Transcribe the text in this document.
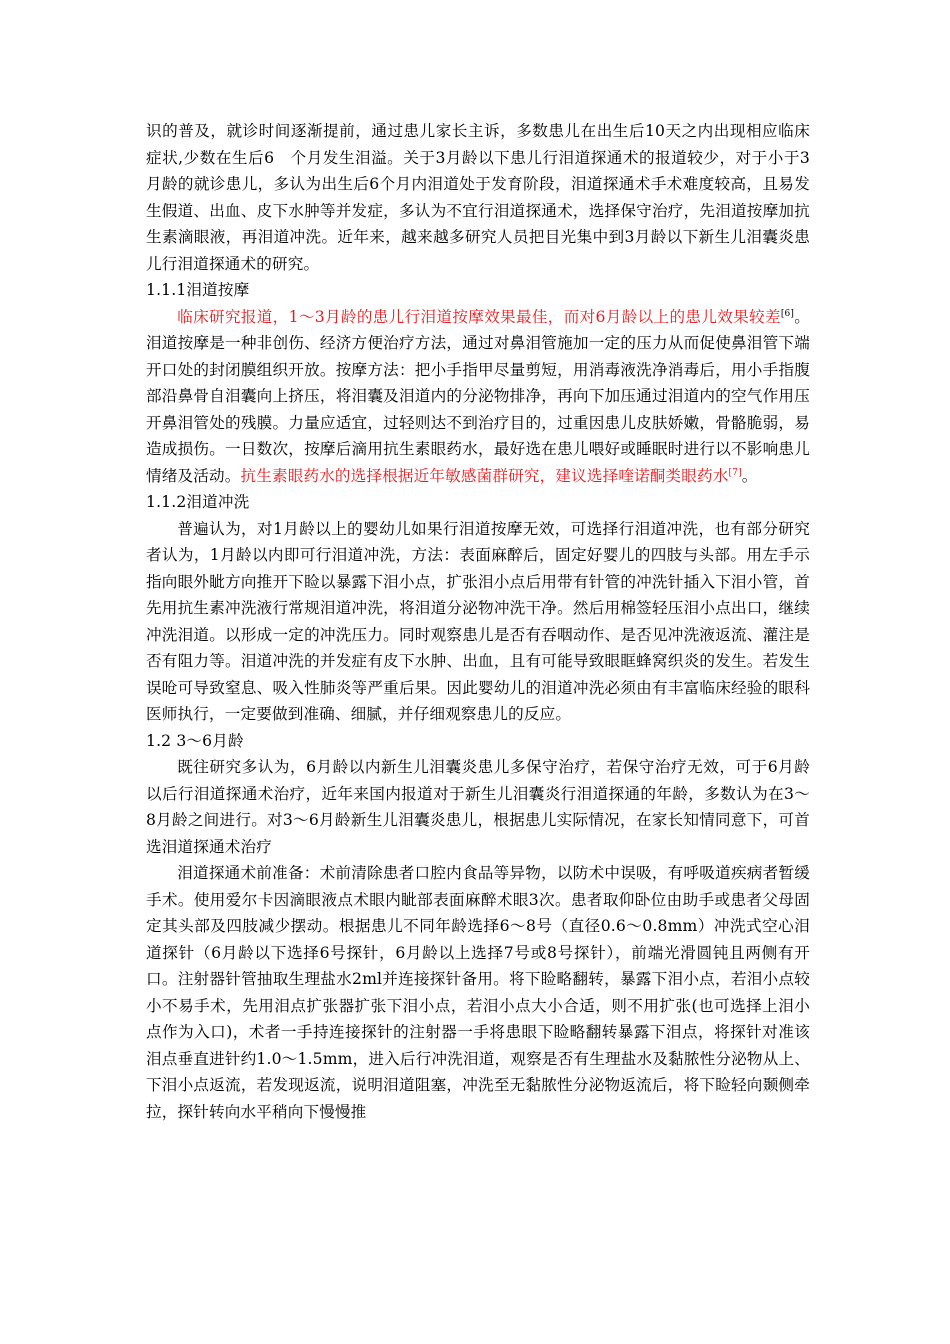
识的普及，就诊时间逐渐提前，通过患儿家长主诉，多数患儿在出生后10天之内出现相应临床症状,少数在生后6　个月发生泪溢。关于3月龄以下患儿行泪道探通术的报道较少，对于小于3月龄的就诊患儿，多认为出生后6个月内泪道处于发育阶段，泪道探通术手术难度较高，且易发生假道、出血、皮下水肿等并发症，多认为不宜行泪道探通术，选择保守治疗，先泪道按摩加抗生素滴眼液，再泪道冲洗。近年来，越来越多研究人员把目光集中到3月龄以下新生儿泪囊炎患儿行泪道探通术的研究。

1.1.1泪道按摩

临床研究报道，1～3月龄的患儿行泪道按摩效果最佳，而对6月龄以上的患儿效果较差[6]。泪道按摩是一种非创伤、经济方便治疗方法，通过对鼻泪管施加一定的压力从而促使鼻泪管下端开口处的封闭膜组织开放。按摩方法：把小手指甲尽量剪短，用消毒液洗净消毒后，用小手指腹部沿鼻骨自泪囊向上挤压，将泪囊及泪道内的分泌物排净，再向下加压通过泪道内的空气作用压开鼻泪管处的残膜。力量应适宜，过轻则达不到治疗目的，过重因患儿皮肤娇嫩，骨骼脆弱，易造成损伤。一日数次，按摩后滴用抗生素眼药水，最好选在患儿喂好或睡眠时进行以不影响患儿情绪及活动。抗生素眼药水的选择根据近年敏感菌群研究，建议选择喹诺酮类眼药水[7]。

1.1.2泪道冲洗

普遍认为，对1月龄以上的婴幼儿如果行泪道按摩无效，可选择行泪道冲洗，也有部分研究者认为，1月龄以内即可行泪道冲洗，方法：表面麻醉后，固定好婴儿的四肢与头部。用左手示指向眼外眦方向推开下睑以暴露下泪小点，扩张泪小点后用带有针管的冲洗针插入下泪小管，首先用抗生素冲洗液行常规泪道冲洗，将泪道分泌物冲洗干净。然后用棉签轻压泪小点出口，继续冲洗泪道。以形成一定的冲洗压力。同时观察患儿是否有吞咽动作、是否见冲洗液返流、灌注是否有阻力等。泪道冲洗的并发症有皮下水肿、出血，且有可能导致眼眶蜂窝织炎的发生。若发生误呛可导致窒息、吸入性肺炎等严重后果。因此婴幼儿的泪道冲洗必须由有丰富临床经验的眼科医师执行，一定要做到准确、细腻，并仔细观察患儿的反应。

1.2 3～6月龄

既往研究多认为，6月龄以内新生儿泪囊炎患儿多保守治疗，若保守治疗无效，可于6月龄以后行泪道探通术治疗，近年来国内报道对于新生儿泪囊炎行泪道探通的年龄，多数认为在3～8月龄之间进行。对3～6月龄新生儿泪囊炎患儿，根据患儿实际情况，在家长知情同意下，可首选泪道探通术治疗

泪道探通术前准备：术前清除患者口腔内食品等异物，以防术中误吸，有呼吸道疾病者暂缓手术。使用爱尔卡因滴眼液点术眼内眦部表面麻醉术眼3次。患者取仰卧位由助手或患者父母固定其头部及四肢减少摆动。根据患儿不同年龄选择6～8号（直径0.6～0.8mm）冲洗式空心泪道探针（6月龄以下选择6号探针，6月龄以上选择7号或8号探针），前端光滑圆钝且两侧有开口。注射器针管抽取生理盐水2ml并连接探针备用。将下睑略翻转，暴露下泪小点，若泪小点较小不易手术，先用泪点扩张器扩张下泪小点，若泪小点大小合适，则不用扩张(也可选择上泪小点作为入口)，术者一手持连接探针的注射器一手将患眼下睑略翻转暴露下泪点，将探针对准该泪点垂直进针约1.0～1.5mm，进入后行冲洗泪道，观察是否有生理盐水及黏脓性分泌物从上、下泪小点返流，若发现返流，说明泪道阻塞，冲洗至无黏脓性分泌物返流后，将下睑轻向颞侧牵拉，探针转向水平稍向下慢慢推
